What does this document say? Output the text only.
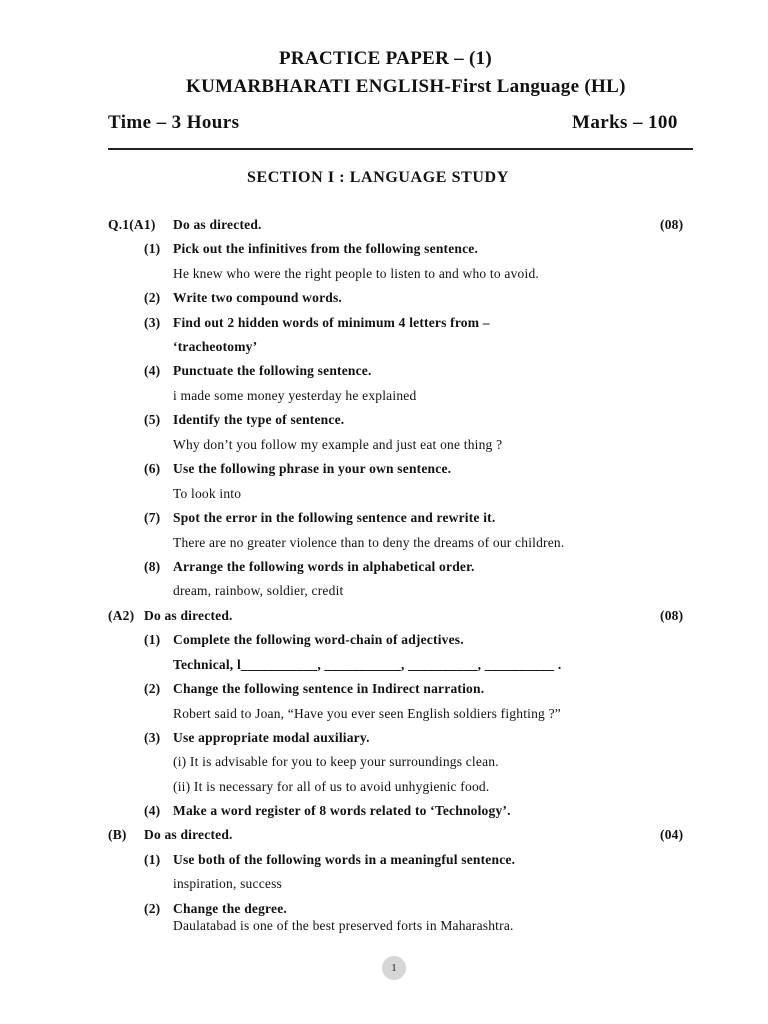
PRACTICE PAPER – (1)
KUMARBHARATI ENGLISH-First Language (HL)
Time – 3 Hours	Marks – 100
SECTION I : LANGUAGE STUDY
Q.1(A1) Do as directed.	(08)
(1) Pick out the infinitives from the following sentence.
He knew who were the right people to listen to and who to avoid.
(2) Write two compound words.
(3) Find out 2 hidden words of minimum 4 letters from –
‘tracheotomy’
(4) Punctuate the following sentence.
i made some money yesterday he explained
(5) Identify the type of sentence.
Why don’t you follow my example and just eat one thing ?
(6) Use the following phrase in your own sentence.
To look into
(7) Spot the error in the following sentence and rewrite it.
There are no greater violence than to deny the dreams of our children.
(8) Arrange the following words in alphabetical order.
dream, rainbow, soldier, credit
(A2) Do as directed.	(08)
(1) Complete the following word-chain of adjectives.
Technical, l___________, ___________, __________, __________ .
(2) Change the following sentence in Indirect narration.
Robert said to Joan, “Have you ever seen English soldiers fighting ?”
(3) Use appropriate modal auxiliary.
(i) It is advisable for you to keep your surroundings clean.
(ii) It is necessary for all of us to avoid unhygienic food.
(4) Make a word register of 8 words related to ‘Technology’.
(B) Do as directed.	(04)
(1) Use both of the following words in a meaningful sentence.
inspiration, success
(2) Change the degree.
Daulatabad is one of the best preserved forts in Maharashtra.
1
